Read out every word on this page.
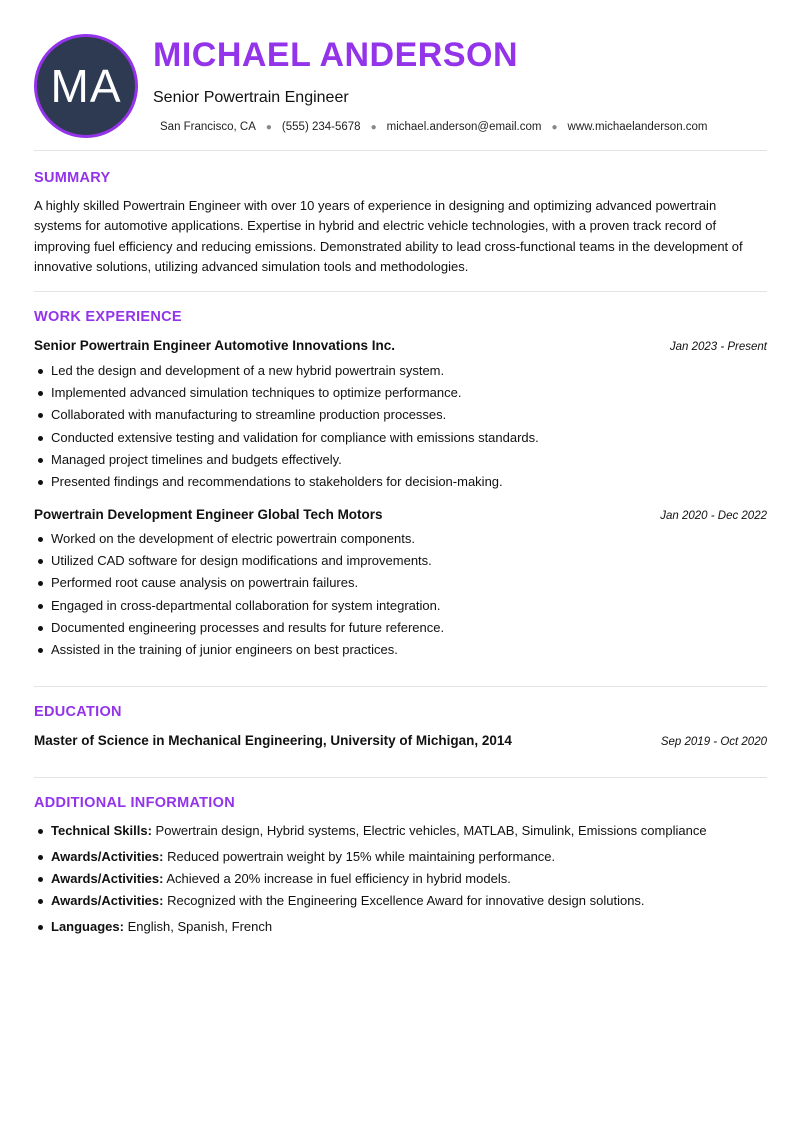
MA
MICHAEL ANDERSON
Senior Powertrain Engineer
San Francisco, CA ● (555) 234-5678 ● michael.anderson@email.com ● www.michaelanderson.com
SUMMARY
A highly skilled Powertrain Engineer with over 10 years of experience in designing and optimizing advanced powertrain systems for automotive applications. Expertise in hybrid and electric vehicle technologies, with a proven track record of improving fuel efficiency and reducing emissions. Demonstrated ability to lead cross-functional teams in the development of innovative solutions, utilizing advanced simulation tools and methodologies.
WORK EXPERIENCE
Senior Powertrain Engineer Automotive Innovations Inc.	Jan 2023 - Present
Led the design and development of a new hybrid powertrain system.
Implemented advanced simulation techniques to optimize performance.
Collaborated with manufacturing to streamline production processes.
Conducted extensive testing and validation for compliance with emissions standards.
Managed project timelines and budgets effectively.
Presented findings and recommendations to stakeholders for decision-making.
Powertrain Development Engineer Global Tech Motors	Jan 2020 - Dec 2022
Worked on the development of electric powertrain components.
Utilized CAD software for design modifications and improvements.
Performed root cause analysis on powertrain failures.
Engaged in cross-departmental collaboration for system integration.
Documented engineering processes and results for future reference.
Assisted in the training of junior engineers on best practices.
EDUCATION
Master of Science in Mechanical Engineering, University of Michigan, 2014	Sep 2019 - Oct 2020
ADDITIONAL INFORMATION
Technical Skills: Powertrain design, Hybrid systems, Electric vehicles, MATLAB, Simulink, Emissions compliance
Awards/Activities: Reduced powertrain weight by 15% while maintaining performance.
Awards/Activities: Achieved a 20% increase in fuel efficiency in hybrid models.
Awards/Activities: Recognized with the Engineering Excellence Award for innovative design solutions.
Languages: English, Spanish, French
